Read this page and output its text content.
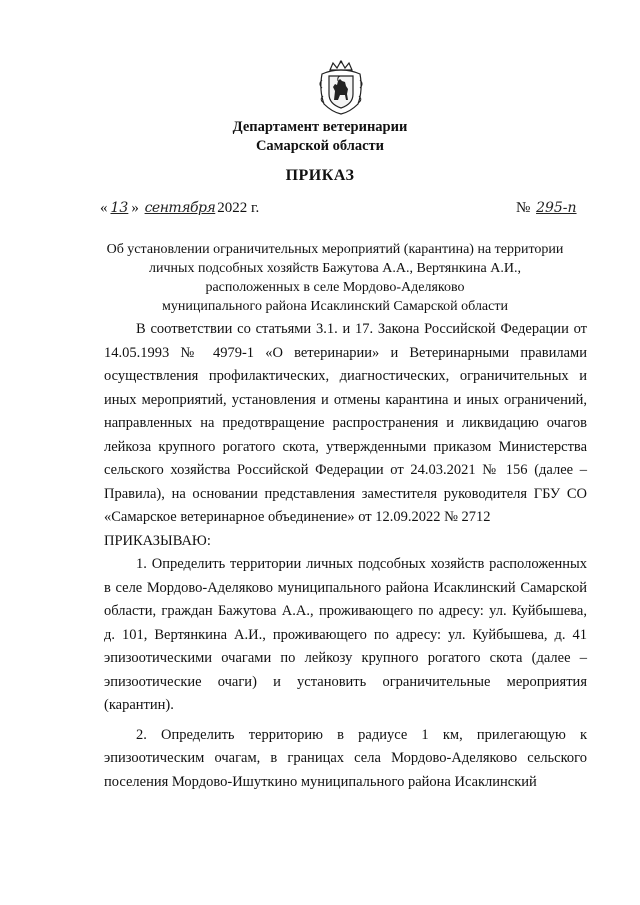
Департамент ветеринарии
Самарской области
ПРИКАЗ
« 13 » сентября 2022 г.	№ 295-п
Об установлении ограничительных мероприятий (карантина) на территории
личных подсобных хозяйств Бажутова А.А., Вертянкина А.И.,
расположенных в селе Мордово-Аделяково
муниципального района Исаклинский Самарской области

В соответствии со статьями 3.1. и 17. Закона Российской Федерации от 14.05.1993 № 4979-1 «О ветеринарии» и Ветеринарными правилами осуществления профилактических, диагностических, ограничительных и иных мероприятий, установления и отмены карантина и иных ограничений, направленных на предотвращение распространения и ликвидацию очагов лейкоза крупного рогатого скота, утвержденными приказом Министерства сельского хозяйства Российской Федерации от 24.03.2021 № 156 (далее – Правила), на основании представления заместителя руководителя ГБУ СО «Самарское ветеринарное объединение» от 12.09.2022 № 2712

ПРИКАЗЫВАЮ:

1. Определить территории личных подсобных хозяйств расположенных в селе Мордово-Аделяково муниципального района Исаклинский Самарской области, граждан Бажутова А.А., проживающего по адресу: ул. Куйбышева, д. 101, Вертянкина А.И., проживающего по адресу: ул. Куйбышева, д. 41 эпизоотическими очагами по лейкозу крупного рогатого скота (далее – эпизоотические очаги) и установить ограничительные мероприятия (карантин).

2. Определить территорию в радиусе 1 км, прилегающую к эпизоотическим очагам, в границах села Мордово-Аделяково сельского поселения Мордово-Ишуткино муниципального района Исаклинский
